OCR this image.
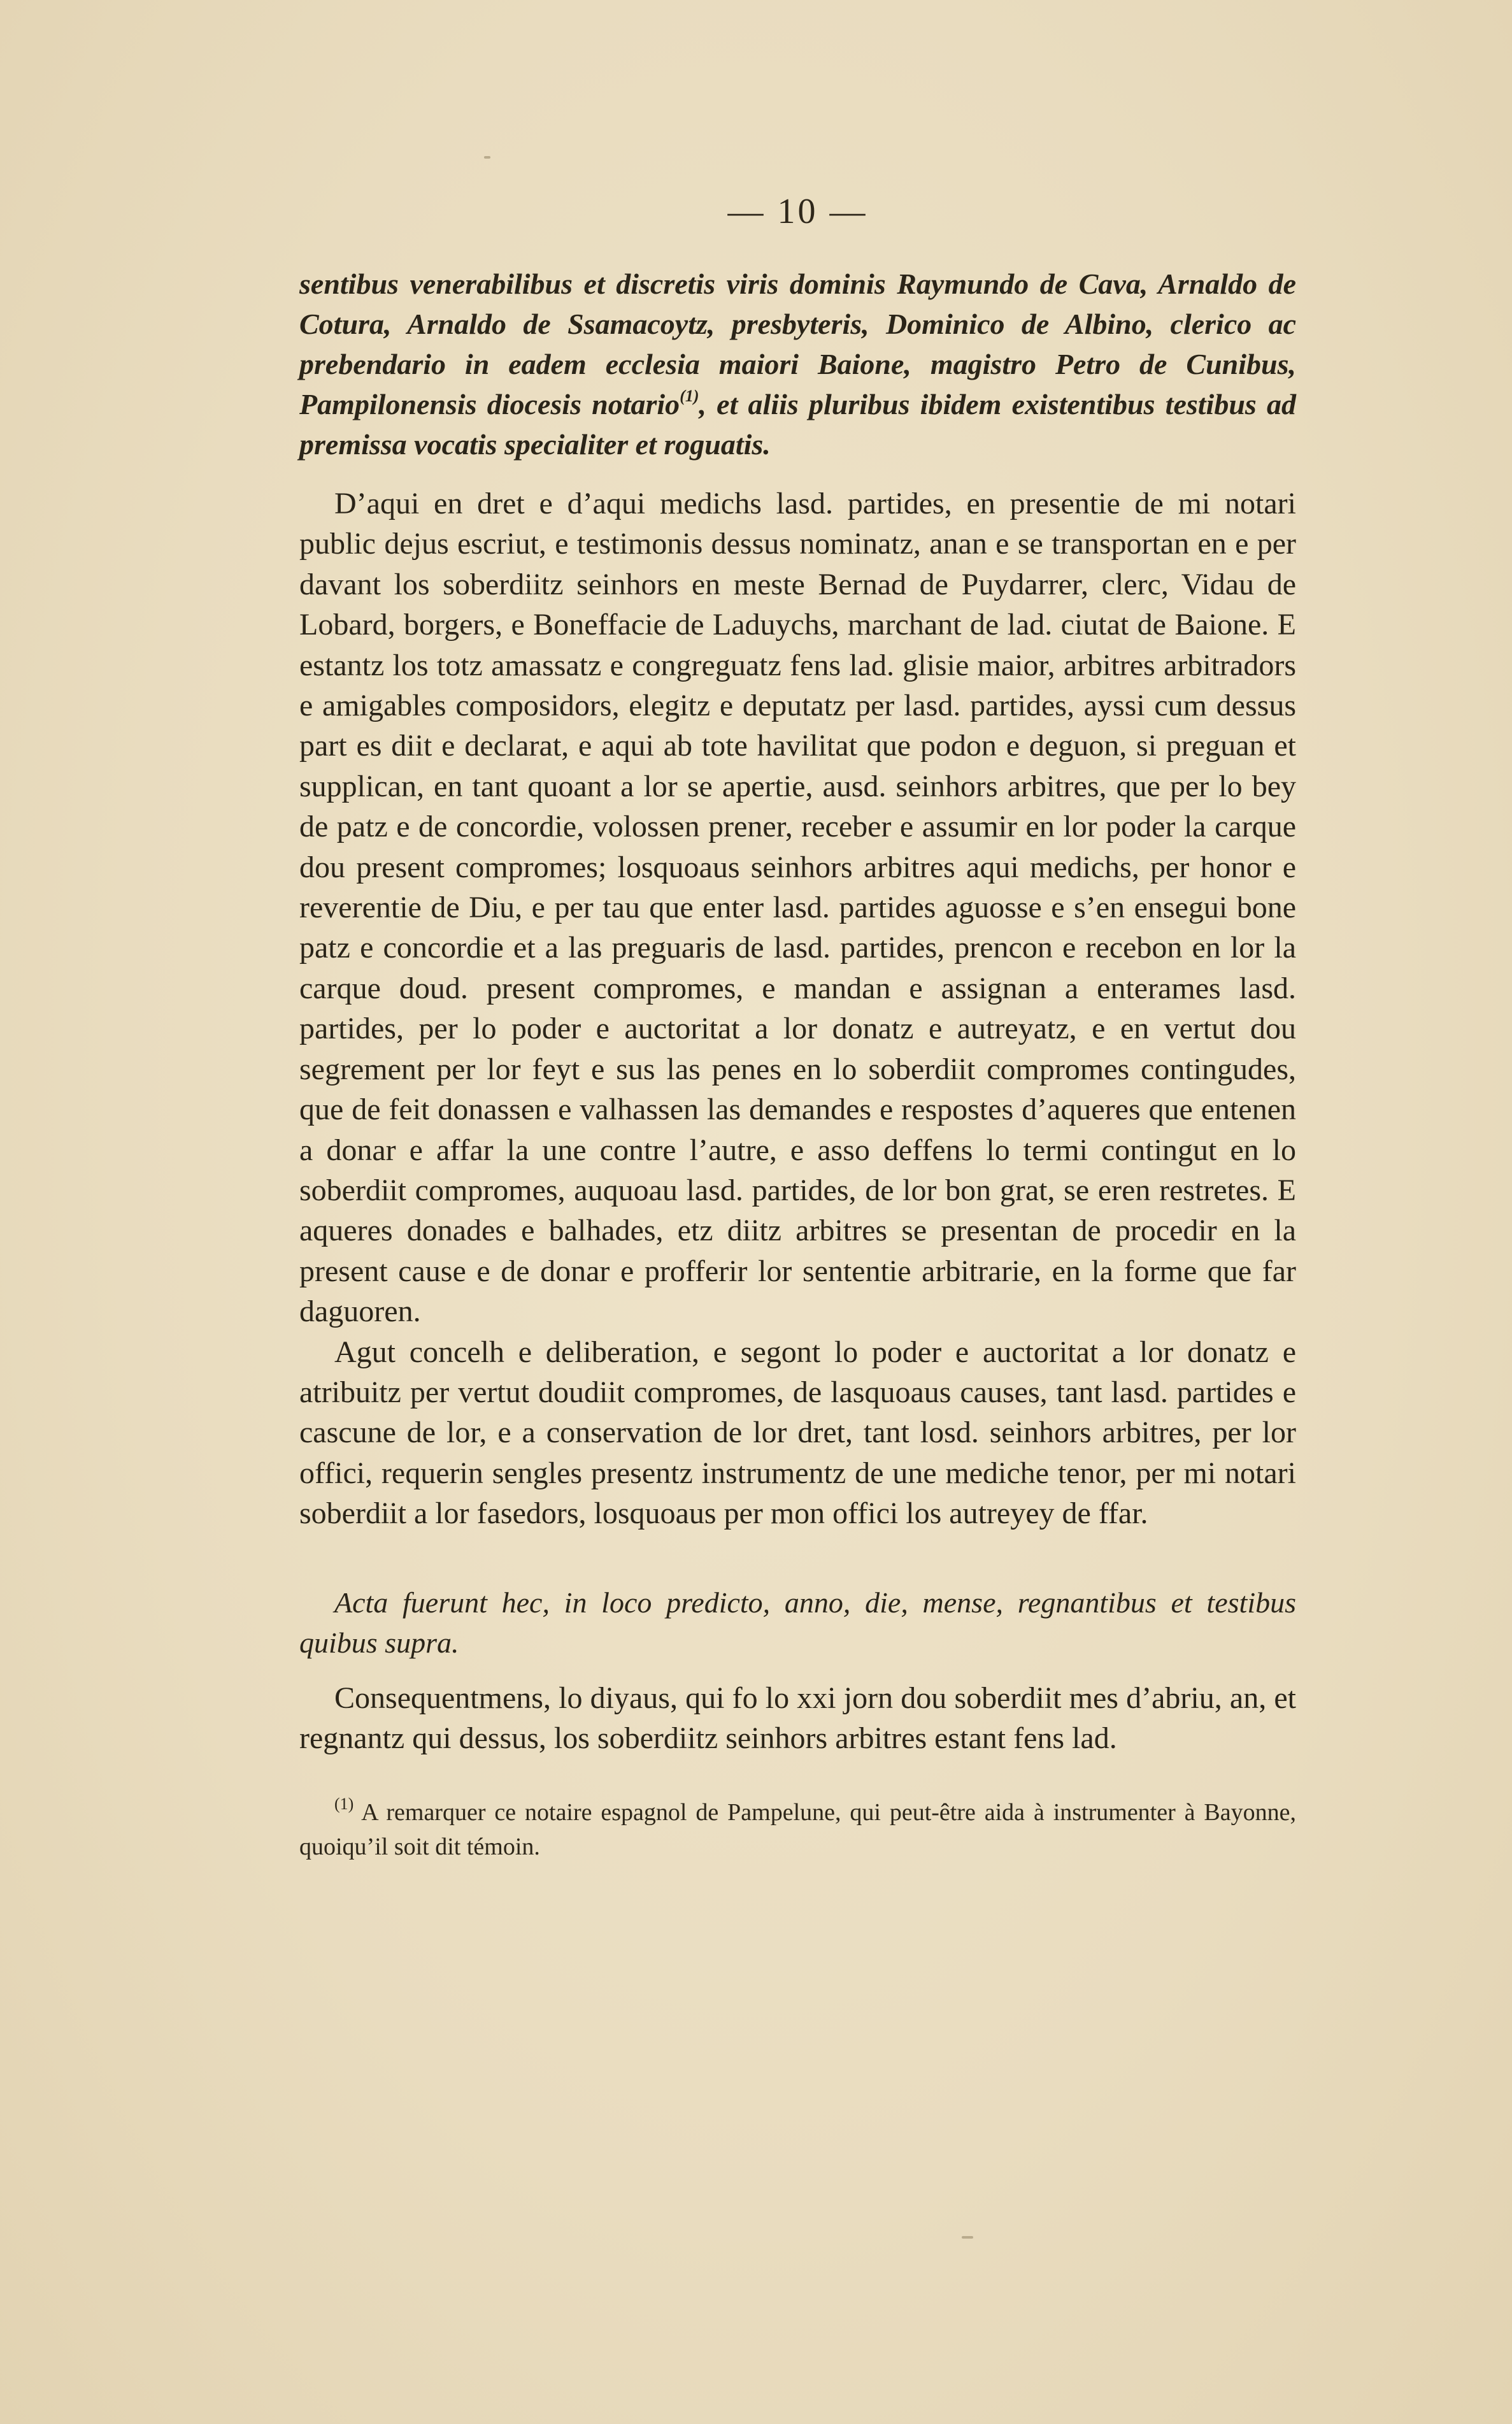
— 10 —

sentibus venerabilibus et discretis viris dominis Raymundo de Cava, Arnaldo de Cotura, Arnaldo de Ssamacoytz, presbyteris, Dominico de Albino, clerico ac prebendario in eadem ecclesia maiori Baione, magistro Petro de Cunibus, Pampilonensis diocesis notario$^{(1)}$, et aliis pluribus ibidem existentibus testibus ad premissa vocatis specialiter et roguatis.

D’aqui en dret e d’aqui medichs lasd. partides, en presentie de mi notari public dejus escriut, e testimonis dessus nominatz, anan e se transportan en e per davant los soberdiitz seinhors en meste Bernad de Puydarrer, clerc, Vidau de Lobard, borgers, e Boneffacie de Laduychs, marchant de lad. ciutat de Baione. E estantz los totz amassatz e congreguatz fens lad. glisie maior, arbitres arbitradors e amigables composidors, elegitz e deputatz per lasd. partides, ayssi cum dessus part es diit e declarat, e aqui ab tote havilitat que podon e deguon, si preguan et supplican, en tant quoant a lor se apertie, ausd. seinhors arbitres, que per lo bey de patz e de concordie, volossen prener, receber e assumir en lor poder la carque dou present compromes; losquoaus seinhors arbitres aqui medichs, per honor e reverentie de Diu, e per tau que enter lasd. partides aguosse e s’en ensegui bone patz e concordie et a las preguaris de lasd. partides, prencon e recebon en lor la carque doud. present compromes, e mandan e assignan a enterames lasd. partides, per lo poder e auctoritat a lor donatz e autreyatz, e en vertut dou segrement per lor feyt e sus las penes en lo soberdiit compromes contingudes, que de feit donassen e valhassen las demandes e respostes d’aqueres que entenen a donar e affar la une contre l’autre, e asso deffens lo termi contingut en lo soberdiit compromes, auquoau lasd. partides, de lor bon grat, se eren restretes. E aqueres donades e balhades, etz diitz arbitres se presentan de procedir en la present cause e de donar e profferir lor sententie arbitrarie, en la forme que far daguoren.

Agut concelh e deliberation, e segont lo poder e auctoritat a lor donatz e atribuitz per vertut doudiit compromes, de lasquoaus causes, tant lasd. partides e cascune de lor, e a conservation de lor dret, tant losd. seinhors arbitres, per lor offici, requerin sengles presentz instrumentz de une mediche tenor, per mi notari soberdiit a lor fasedors, losquoaus per mon offici los autreyey de ffar.

Acta fuerunt hec, in loco predicto, anno, die, mense, regnantibus et testibus quibus supra.

Consequentmens, lo diyaus, qui fo lo xxi jorn dou soberdiit mes d’abriu, an, et regnantz qui dessus, los soberdiitz seinhors arbitres estant fens lad.

$^{(1)}$ A remarquer ce notaire espagnol de Pampelune, qui peut-être aida à instrumenter à Bayonne, quoiqu’il soit dit témoin.
